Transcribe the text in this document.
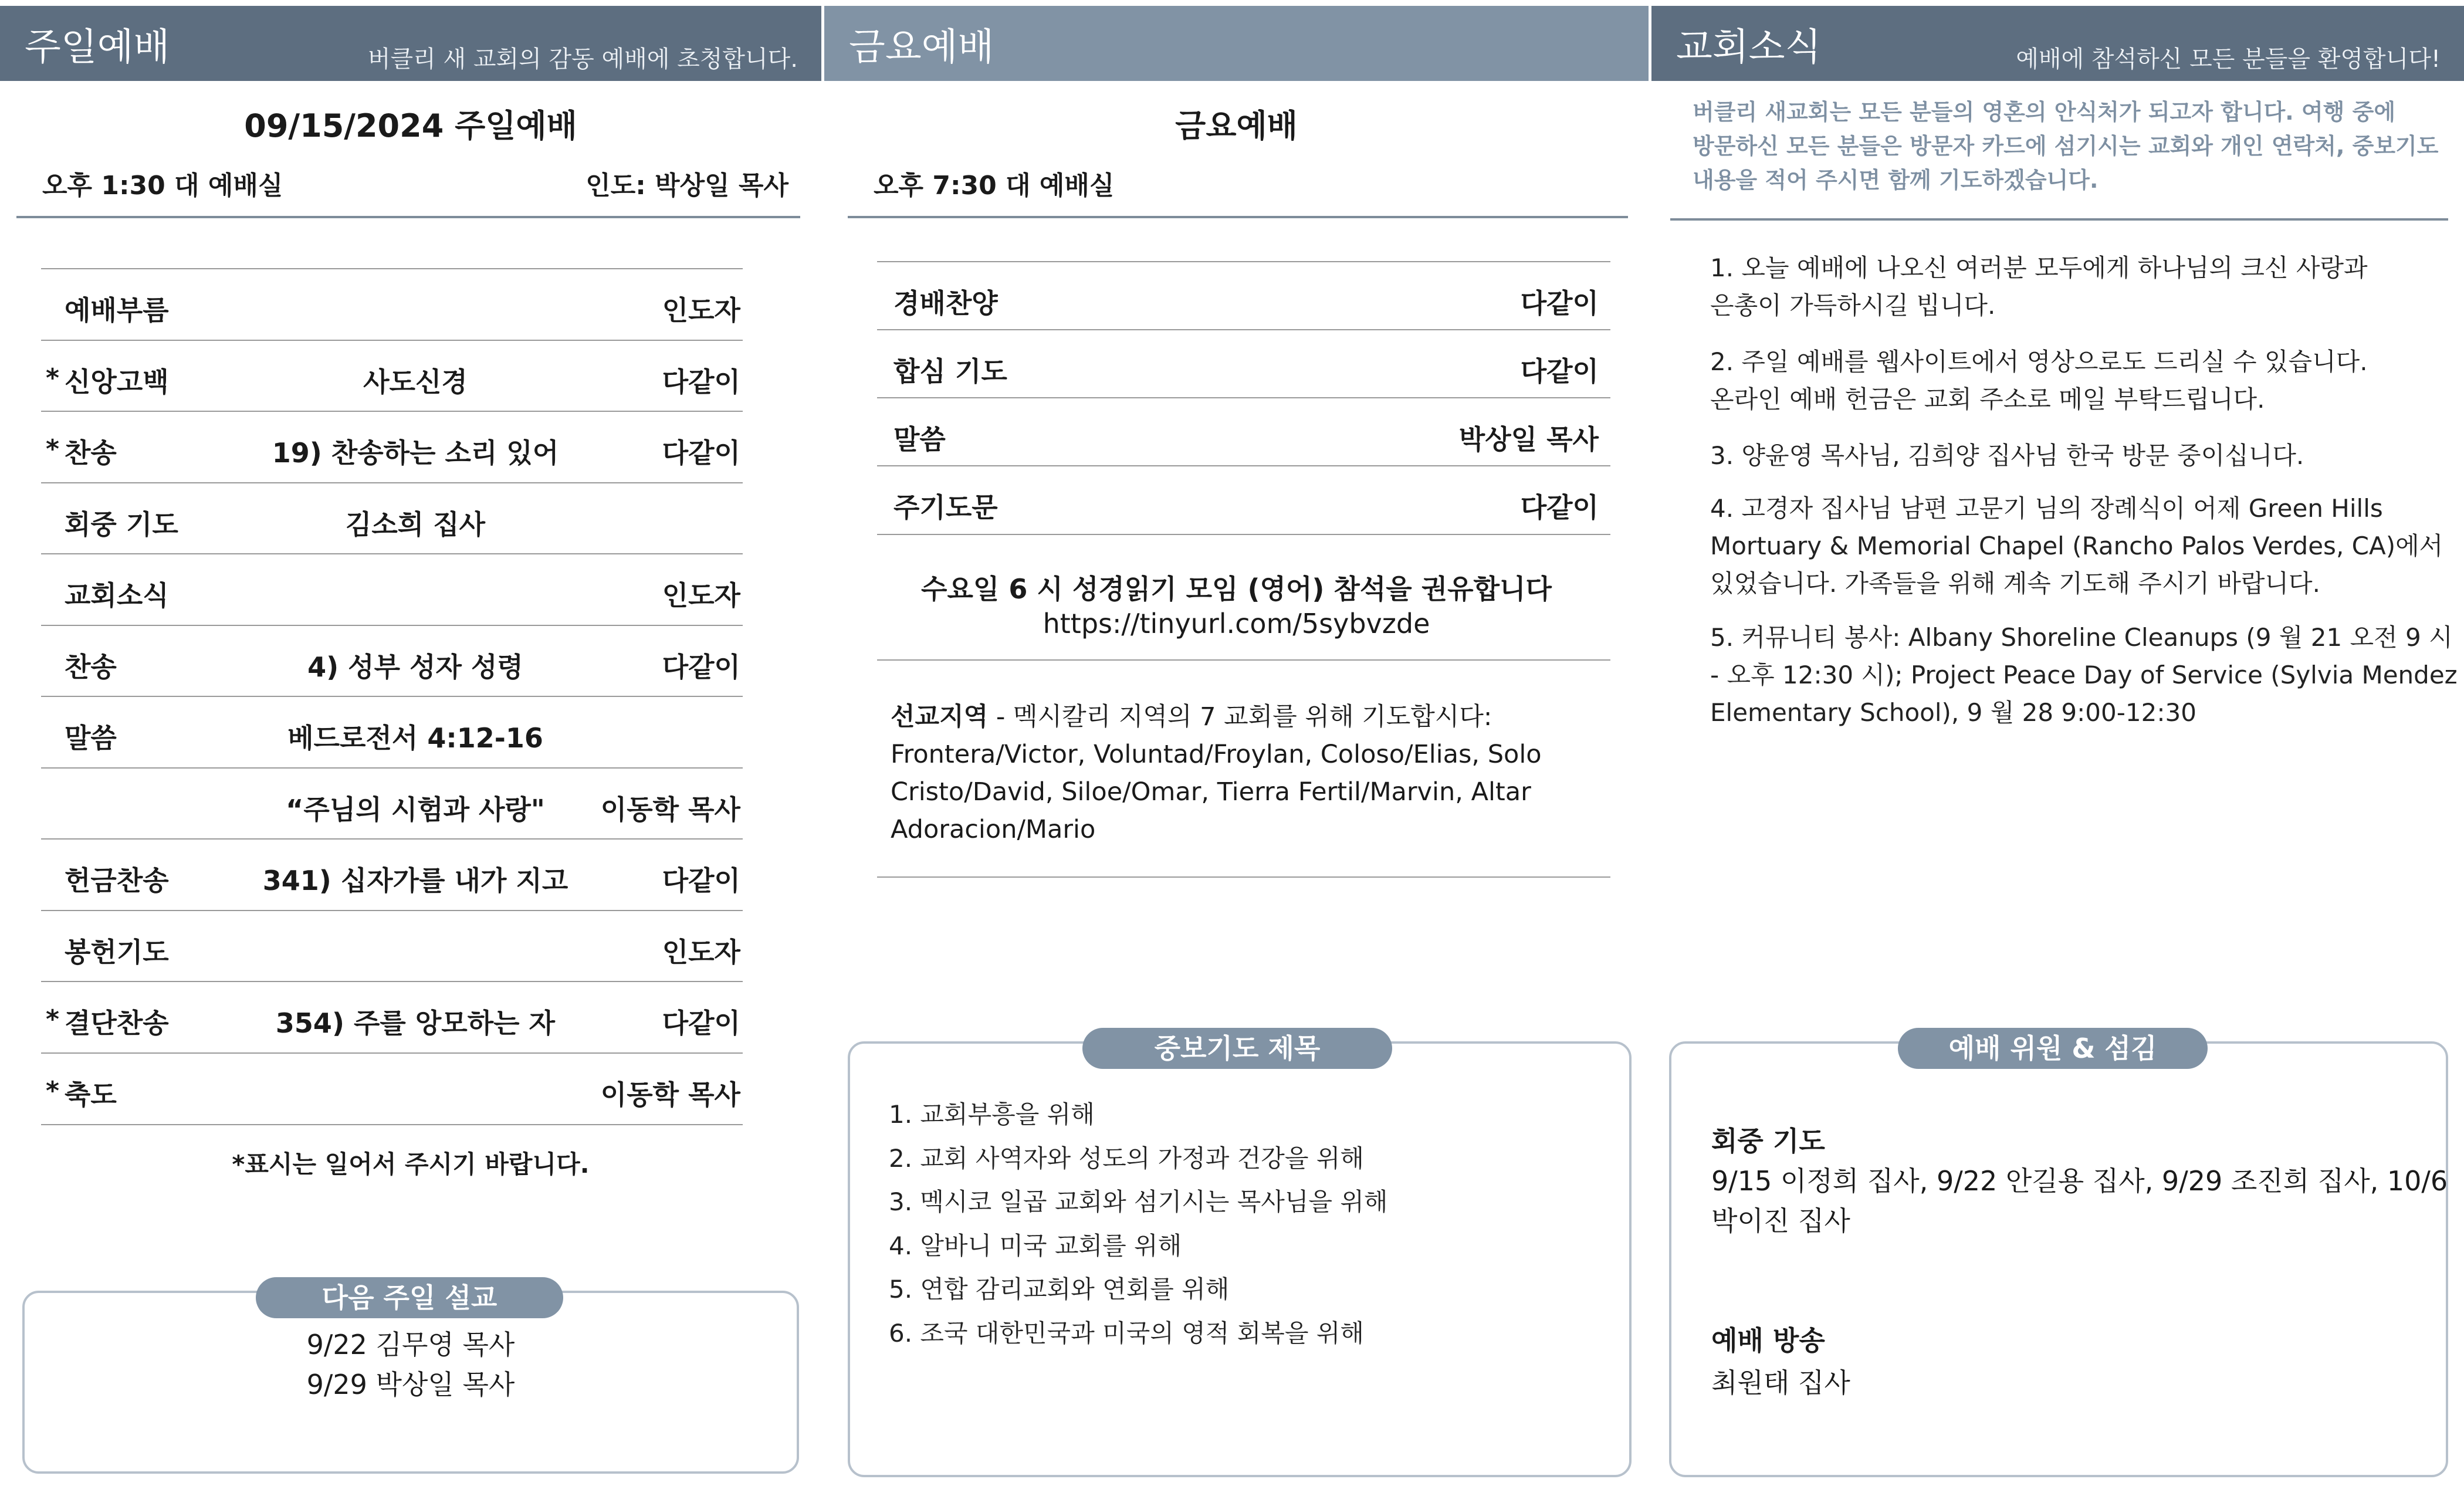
주일예배	버클리 새 교회의 감동 예배에 초청합니다.
09/15/2024 주일예배
오후 1:30 대 예배실	인도: 박상일 목사
예배부름	인도자
* 신앙고백	사도신경	다같이
* 찬송	19) 찬송하는 소리 있어	다같이
회중 기도	김소희 집사
교회소식	인도자
찬송	4) 성부 성자 성령	다같이
말씀	베드로전서 4:12-16
“주님의 시험과 사랑"	이동학 목사
헌금찬송	341) 십자가를 내가 지고	다같이
봉헌기도	인도자
* 결단찬송	354) 주를 앙모하는 자	다같이
* 축도	이동학 목사
*표시는 일어서 주시기 바랍니다.
9/22 김무영 목사
9/29 박상일 목사
다음 주일 설교
금요예배
금요예배
오후 7:30 대 예배실
경배찬양	다같이
합심 기도	다같이
말씀	박상일 목사
주기도문	다같이
수요일 6 시 성경읽기 모임 (영어) 참석을 권유합니다
https://tinyurl.com/5sybvzde
선교지역 - 멕시칼리 지역의 7 교회를 위해 기도합시다:
Frontera/Victor, Voluntad/Froylan, Coloso/Elias, Solo
Cristo/David, Siloe/Omar, Tierra Fertil/Marvin, Altar
Adoracion/Mario
중보기도 제목
1. 교회부흥을 위해
2. 교회 사역자와 성도의 가정과 건강을 위해
3. 멕시코 일곱 교회와 섬기시는 목사님을 위해
4. 알바니 미국 교회를 위해
5. 연합 감리교회와 연회를 위해
6. 조국 대한민국과 미국의 영적 회복을 위해
교회소식	예배에 참석하신 모든 분들을 환영합니다!
버클리 새교회는 모든 분들의 영혼의 안식처가 되고자 합니다. 여행 중에
방문하신 모든 분들은 방문자 카드에 섬기시는 교회와 개인 연락처, 중보기도
내용을 적어 주시면 함께 기도하겠습니다.
1. 오늘 예배에 나오신 여러분 모두에게 하나님의 크신 사랑과
은총이 가득하시길 빕니다.
2. 주일 예배를 웹사이트에서 영상으로도 드리실 수 있습니다.
온라인 예배 헌금은 교회 주소로 메일 부탁드립니다.
3. 양윤영 목사님, 김희양 집사님 한국 방문 중이십니다.
4. 고경자 집사님 남편 고문기 님의 장례식이 어제 Green Hills
Mortuary & Memorial Chapel (Rancho Palos Verdes, CA)에서
있었습니다. 가족들을 위해 계속 기도해 주시기 바랍니다.
5. 커뮤니티 봉사: Albany Shoreline Cleanups (9 월 21 오전 9 시
- 오후 12:30 시); Project Peace Day of Service (Sylvia Mendez
Elementary School), 9 월 28 9:00-12:30
회중 기도
9/15 이정희 집사, 9/22 안길용 집사, 9/29 조진희 집사, 10/6
박이진 집사
예배 방송
최원태 집사
예배 위원 & 섬김
